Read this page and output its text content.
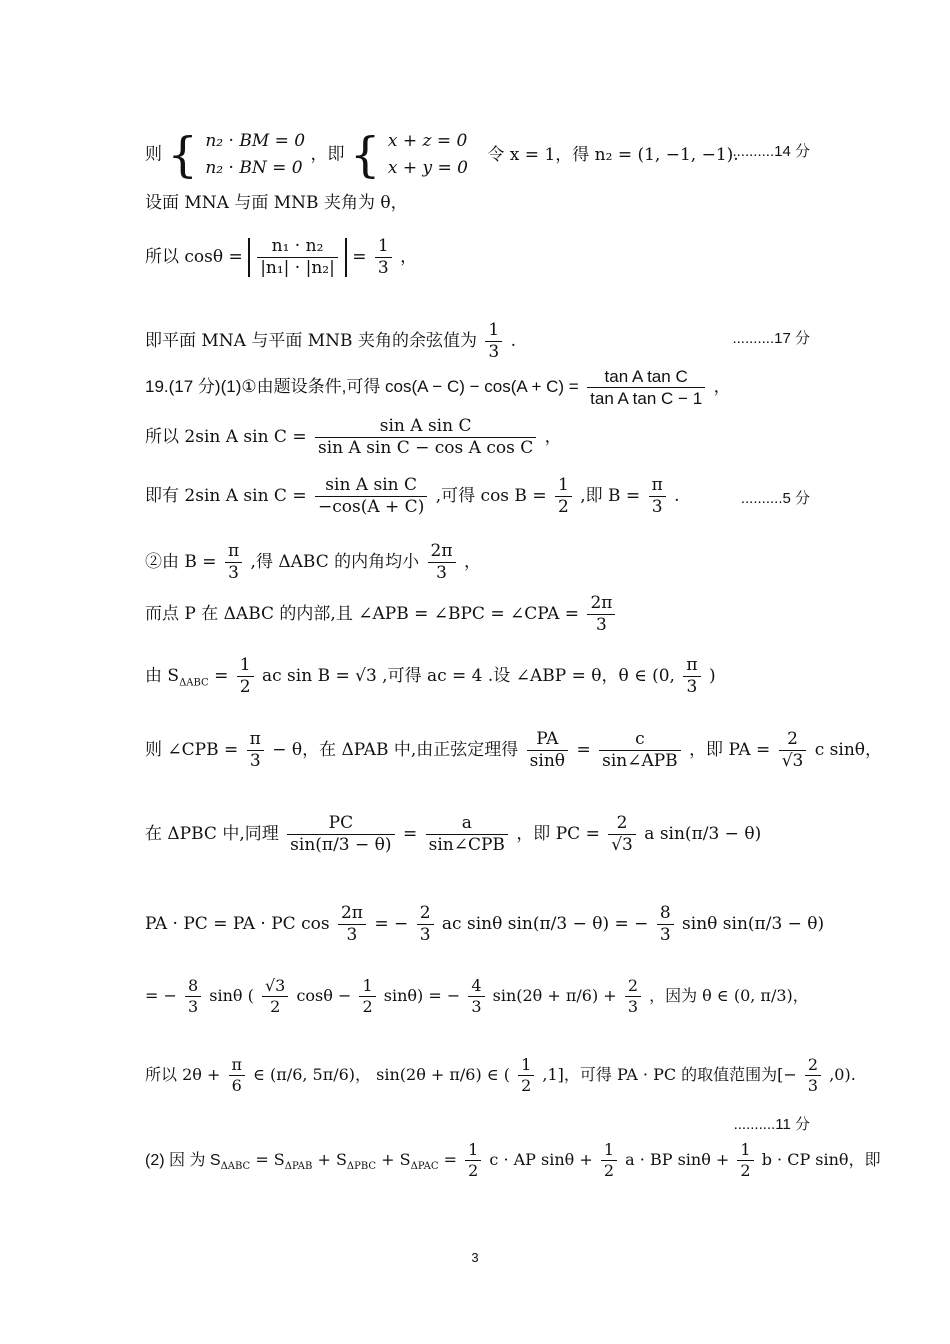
则 { n₂ · BM = 0
n₂ · BN = 0
，即 { x + z = 0
x + y = 0
令 x = 1，得 n₂ = (1, −1, −1).
..........14 分
设面 MNA 与面 MNB 夹角为 θ，
所以 $\cos\theta = \frac{\text{n₁ · n₂}}{\text{|n₁| · |n₂|}} = \frac{1}{3}$ ，
即平面 MNA 与平面 MNB 夹角的余弦值为 $\frac{1}{3}$ .	..........17 分
19.(17 分)(1)①由题设条件,可得 $\cos(A - C) - \cos(A + C) = \frac{\text{tan A tan C}}{\text{tan A tan C − 1}}$ ，
所以 2sin A $\sin C = \frac{\text{sin A sin C}}{\text{sin A sin C − cos A cos C}}$ ，
即有 2sin A $\sin C = \frac{\text{sin A sin C}}{-\cos(A + C)}$ ,可得 $\cos B = \frac{1}{2}$ ,即 $B = \frac{\pi}{3}$ .	..........5 分
②由 $B = \frac{\pi}{3}$ ,得 ΔABC 的内角均小 $\frac{2\pi}{3}$ ，
而点 P 在 ΔABC 的内部,且 ∠APB = ∠BPC = ∠CPA = $\frac{2\pi}{3}$
由 $S_{\Delta ABC} = \frac{1}{2}$ ac sin B = √3 ,可得 ac = 4 .设 ∠ABP = θ，θ ∈ (0, $\frac{\pi}{3}$ )
则 ∠CPB = $\frac{\pi}{3} - \theta$，在 ΔPAB 中,由正弦定理得 $\frac{PA}{\sin\theta} = \frac{c}{\text{sin∠APB}}$ ，即 PA = $\frac{2}{√3}$ c sinθ，
在 ΔPBC 中,同理 $\frac{PC}{\sin(\pi/3 - \theta)} = \frac{a}{\text{sin∠CPB}}$ ，即 PC = $\frac{2}{√3}$ a sin(π/3 − θ)
PA · PC = PA · PC $\cos \frac{2\pi}{3}$ = − $\frac{2}{3}$ ac sinθ sin(π/3 − θ) = − $\frac{8}{3}$ sinθ sin(π/3 − θ)
= − $\frac{8}{3}$ sinθ ( $\frac{√3}{2}$ $\cos\theta - \frac{1}{2} \sin\theta$) = − $\frac{4}{3} \sin(2\theta + \pi/6) + \frac{2}{3}$ ，因为 θ ∈ (0, π/3)，
所以 $2\theta + \frac{\pi}{6}$ ∈ (π/6, 5π/6)， sin(2θ + π/6) ∈ ( $\frac{1}{2} ,1$]，可得 PA · PC 的取值范围为[− $\frac{2}{3} ,0$).
..........11 分
(2) 因 为 $S_{\Delta ABC} = S_{\Delta PAB} + S_{\Delta PBC} + S_{\Delta PAC} = \frac{1}{2}$ c · AP $\sin\theta + \frac{1}{2}$ a · BP $\sin\theta + \frac{1}{2}$ b · CP sinθ，即
3
